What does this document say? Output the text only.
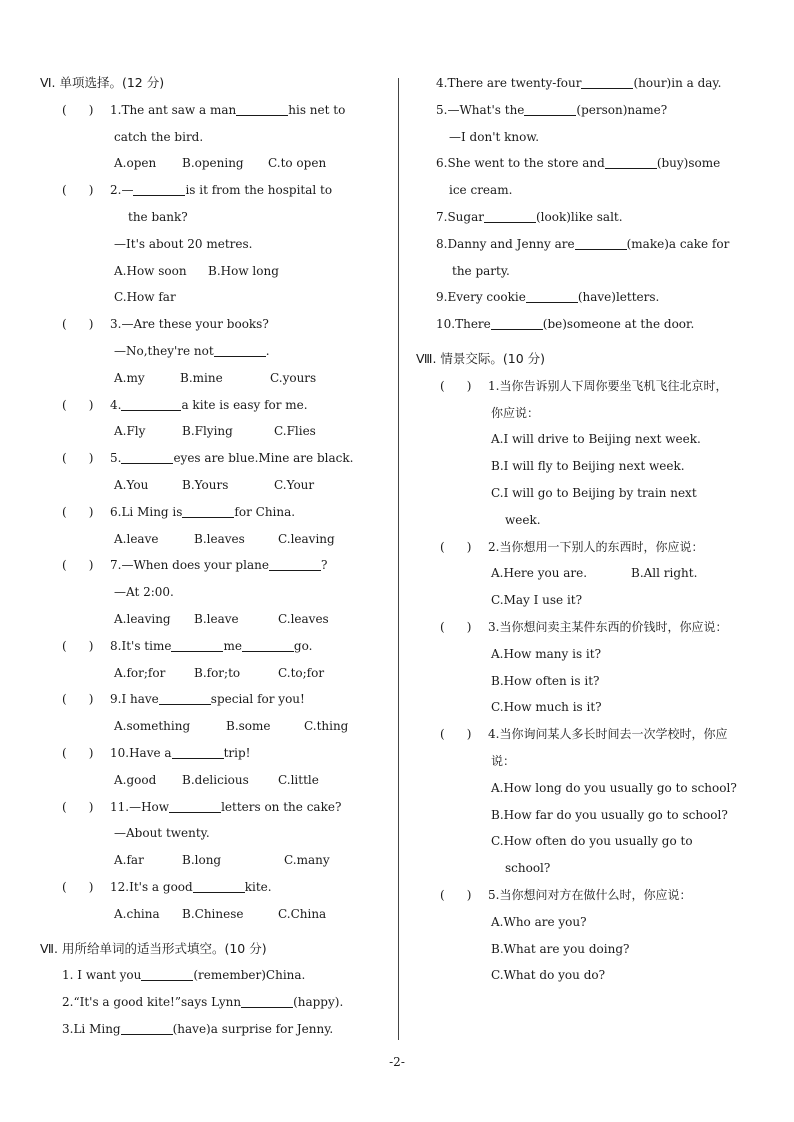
Ⅵ. 单项选择。(12 分)
( ) 1.The ant saw a man	his net to
catch the bird.
A.open B.opening C.to open
( ) 2.—	is it from the hospital to
the bank?
—It's about 20 metres.
A.How soon B.How long
C.How far
( ) 3.—Are these your books?
—No,they're not	.
A.my	B.mine	C.yours
( ) 4.	a kite is easy for me.
A.Fly	B.Flying	C.Flies
( ) 5.	eyes are blue.Mine are black.
A.You	B.Yours	C.Your
( ) 6.Li Ming is	for China.
A.leave	B.leaves	C.leaving
( ) 7.—When does your plane	?
—At 2:00.
A.leaving B.leave	C.leaves
( ) 8.It's time	me	go.
A.for;for B.for;to	C.to;for
( ) 9.I have	special for you!
A.something	B.some	C.thing
( ) 10.Have a	trip!
A.good B.delicious C.little
( ) 11.—How	letters on the cake?
—About twenty.
A.far	B.long	C.many
( ) 12.It's a good	kite.
A.china B.Chinese	C.China
Ⅶ. 用所给单词的适当形式填空。(10 分)
1. I want you	(remember)China.
2.“It's a good kite!”says Lynn	(happy).
3.Li Ming	(have)a surprise for Jenny.
4.There are twenty-four	(hour)in a day.
5.—What's the	(person)name?
—I don't know.
6.She went to the store and	(buy)some
ice cream.
7.Sugar	(look)like salt.
8.Danny and Jenny are	(make)a cake for
the party.
9.Every cookie	(have)letters.
10.There	(be)someone at the door.
Ⅷ. 情景交际。(10 分)
( ) 1.当你告诉别人下周你要坐飞机飞往北京时，
你应说：
A.I will drive to Beijing next week.
B.I will fly to Beijing next week.
C.I will go to Beijing by train next
week.
( ) 2.当你想用一下别人的东西时，你应说：
A.Here you are.	B.All right.
C.May I use it?
( ) 3.当你想问卖主某件东西的价钱时，你应说：
A.How many is it?
B.How often is it?
C.How much is it?
( ) 4.当你询问某人多长时间去一次学校时，你应
说：
A.How long do you usually go to school?
B.How far do you usually go to school?
C.How often do you usually go to
school?
( ) 5.当你想问对方在做什么时，你应说：
A.Who are you?
B.What are you doing?
C.What do you do?
-2-
